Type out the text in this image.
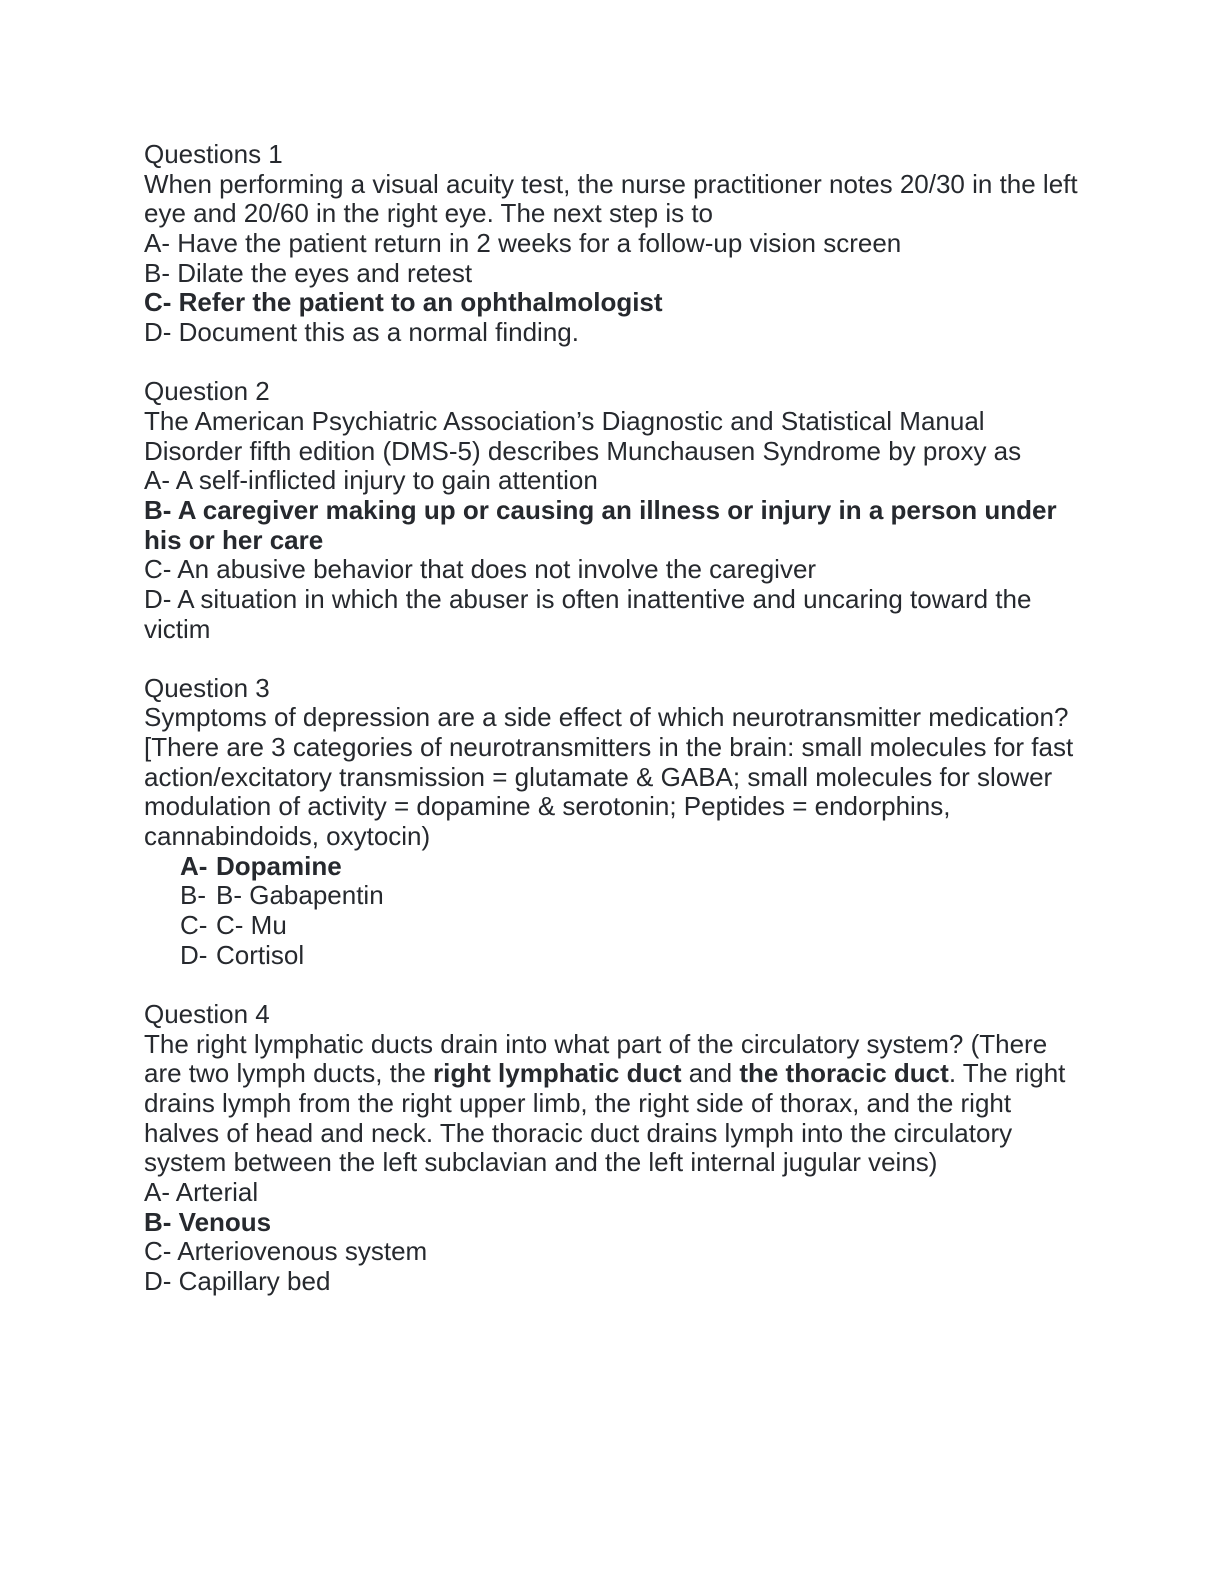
Questions 1
When performing a visual acuity test, the nurse practitioner notes 20/30 in the left eye and 20/60 in the right eye. The next step is to
A- Have the patient return in 2 weeks for a follow-up vision screen
B- Dilate the eyes and retest
C- Refer the patient to an ophthalmologist
D- Document this as a normal finding.
Question 2
The American Psychiatric Association’s Diagnostic and Statistical Manual Disorder fifth edition (DMS-5) describes Munchausen Syndrome by proxy as
A- A self-inflicted injury to gain attention
B- A caregiver making up or causing an illness or injury in a person under his or her care
C- An abusive behavior that does not involve the caregiver
D- A situation in which the abuser is often inattentive and uncaring toward the victim
Question 3
Symptoms of depression are a side effect of which neurotransmitter medication? [There are 3 categories of neurotransmitters in the brain: small molecules for fast action/excitatory transmission = glutamate & GABA; small molecules for slower modulation of activity = dopamine & serotonin; Peptides = endorphins, cannabindoids, oxytocin)
A- Dopamine
B- B- Gabapentin
C- C- Mu
D- Cortisol
Question 4
The right lymphatic ducts drain into what part of the circulatory system? (There are two lymph ducts, the right lymphatic duct and the thoracic duct. The right drains lymph from the right upper limb, the right side of thorax, and the right halves of head and neck. The thoracic duct drains lymph into the circulatory system between the left subclavian and the left internal jugular veins)
A- Arterial
B- Venous
C- Arteriovenous system
D- Capillary bed
